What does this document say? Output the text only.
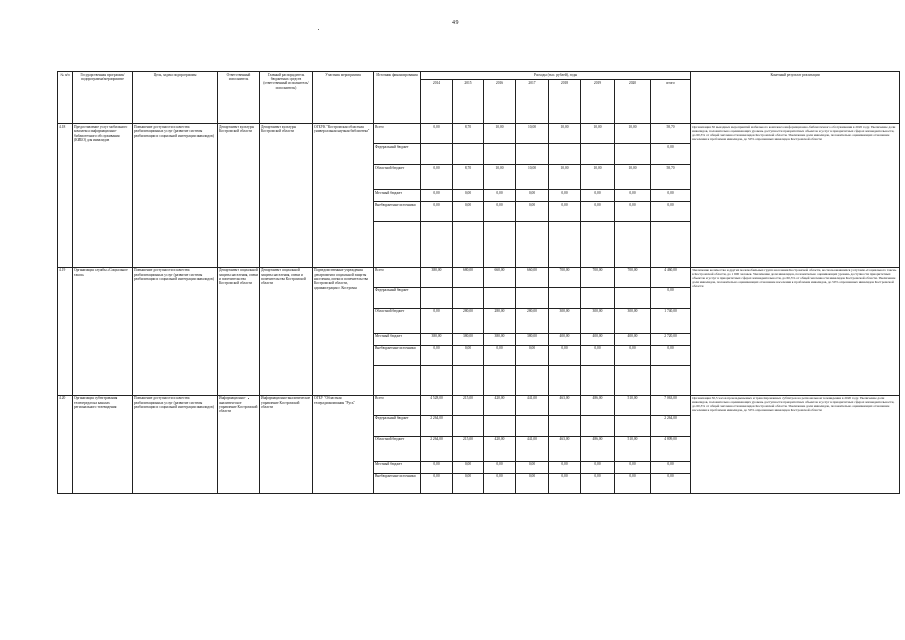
49
№ п/п	Государственная программа/подпрограмма/мероприятие	Цель, задача подпрограммы	Ответственный исполнитель	Главный распорядитель бюджетных средств (ответственный исполнитель/исполнитель)	Участник мероприятия	Источник финансирования	Расходы (тыс. рублей), годы								Конечный результат реализации
							2014	2015	2016	2017	2018	2019	2020	итого	
4.18	Предоставление услуг мобильного комплекса информационно-библиотечного обслуживания (КИБО) для инвалидов	Повышение доступности и качества реабилитационных услуг (развитие системы реабилитации и социальной интеграции инвалидов)	Департамент культуры Костромской области	Департамент культуры Костромской области	ОГБУК "Костромская областная универсальная научная библиотека"	Всего	0,00	8,70	10,00	10,00	10,00	10,00	10,00	58,70	Организация 30 выездных мероприятий мобильного комплекса информационно-библиотечного обслуживания в 2020 году. Увеличение доли инвалидов, положительно оценивающих уровень доступности приоритетных объектов и услуг в приоритетных сферах жизнедеятельности, до 60,3% от общей численности инвалидов Костромской области. Увеличение доли инвалидов, положительно оценивающих отношение населения к проблемам инвалидов, до 50% опрошенных инвалидов Костромской области
						Федеральный бюджет								0,00	
						Областной бюджет	0,00	8,70	10,00	10,00	10,00	10,00	10,00	58,70	
						Местный бюджет	0,00	0,00	0,00	0,00	0,00	0,00	0,00	0,00	
						Внебюджетные источники	0,00	0,00	0,00	0,00	0,00	0,00	0,00	0,00	

4.19	Организация службы «Социальное такси»	Повышение доступности и качества реабилитационных услуг (развитие системы реабилитации и социальной интеграции инвалидов)	Департамент социальной защиты населения, опеки и попечительства Костромской области	Департамент социальной защиты населения, опеки и попечительства Костромской области	Подведомственные учреждения департамента социальной защиты населения, опеки и попечительства Костромской области, администрация г. Костромы	Всего	380,00	680,00	660,00	660,00	700,00	700,00	700,00	4 460,00	Увеличение количества и других маломобильных групп населения Костромской области, воспользовавшихся услугами «Социального такси» в Костромской области, до 1 600 человек. Увеличение доли инвалидов, положительно оценивающих уровень доступности приоритетных объектов и услуг в приоритетных сферах жизнедеятельности, до 60,3% от общей численности инвалидов Костромской области. Увеличение доли инвалидов, положительно оценивающих отношение населения к проблемам инвалидов, до 50% опрошенных инвалидов Костромской области
						Федеральный бюджет								0,00	
						Областной бюджет	0,00	280,00	280,00	280,00	300,00	300,00	300,00	1 740,00	
						Местный бюджет	380,00	380,00	380,00	380,00	400,00	400,00	400,00	2 720,00	
						Внебюджетные источники	0,00	0,00	0,00	0,00	0,00	0,00	0,00	0,00	

4.20	Организация субтитрования телепередач на каналах регионального телевидения	Повышение доступности и качества реабилитационных услуг (развитие системы реабилитации и социальной интеграции инвалидов)	Информационно-аналитическое управление Костромской области	Информационно-аналитическое управление Костромской области	ОГБУ "Областная телерадиокомпания "Русь"	Всего	4 528,00	215,00	420,00	441,00	463,00	486,00	510,00	7 063,00	Организация 30,5 часов прокладываемых и транслированных субтитров на региональном телевидении в 2020 году. Увеличение доли инвалидов, положительно оценивающих уровень доступности приоритетных объектов и услуг в приоритетных сферах жизнедеятельности, до 60,3% от общей численности инвалидов Костромской области. Увеличение доли инвалидов, положительно оценивающих отношение населения к проблемам инвалидов, до 50% опрошенных инвалидов Костромской области
						Федеральный бюджет	2 264,00							2 264,00	
						Областной бюджет	2 264,00	215,00	420,00	441,00	463,00	486,00	510,00	4 809,00	
						Местный бюджет	0,00	0,00	0,00	0,00	0,00	0,00	0,00	0,00	
						Внебюджетные источники	0,00	0,00	0,00	0,00	0,00	0,00	0,00	0,00	
